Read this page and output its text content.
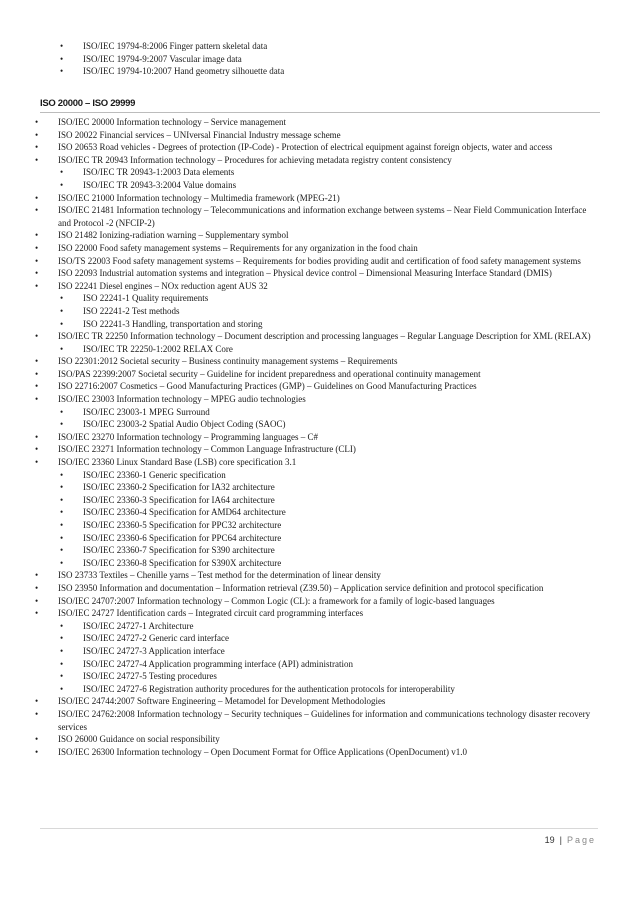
• ISO/IEC 19794-8:2006 Finger pattern skeletal data
• ISO/IEC 19794-9:2007 Vascular image data
• ISO/IEC 19794-10:2007 Hand geometry silhouette data
ISO 20000 – ISO 29999
• ISO/IEC 20000 Information technology – Service management
• ISO 20022 Financial services – UNIversal Financial Industry message scheme
• ISO 20653 Road vehicles - Degrees of protection (IP-Code) - Protection of electrical equipment against foreign objects, water and access
• ISO/IEC TR 20943 Information technology – Procedures for achieving metadata registry content consistency
• ISO/IEC TR 20943-1:2003 Data elements
• ISO/IEC TR 20943-3:2004 Value domains
• ISO/IEC 21000 Information technology – Multimedia framework (MPEG-21)
• ISO/IEC 21481 Information technology – Telecommunications and information exchange between systems – Near Field Communication Interface and Protocol -2 (NFCIP-2)
• ISO 21482 Ionizing-radiation warning – Supplementary symbol
• ISO 22000 Food safety management systems – Requirements for any organization in the food chain
• ISO/TS 22003 Food safety management systems – Requirements for bodies providing audit and certification of food safety management systems
• ISO 22093 Industrial automation systems and integration – Physical device control – Dimensional Measuring Interface Standard (DMIS)
• ISO 22241 Diesel engines – NOx reduction agent AUS 32
• ISO 22241-1 Quality requirements
• ISO 22241-2 Test methods
• ISO 22241-3 Handling, transportation and storing
• ISO/IEC TR 22250 Information technology – Document description and processing languages – Regular Language Description for XML (RELAX)
• ISO/IEC TR 22250-1:2002 RELAX Core
• ISO 22301:2012 Societal security – Business continuity management systems – Requirements
• ISO/PAS 22399:2007 Societal security – Guideline for incident preparedness and operational continuity management
• ISO 22716:2007 Cosmetics – Good Manufacturing Practices (GMP) – Guidelines on Good Manufacturing Practices
• ISO/IEC 23003 Information technology – MPEG audio technologies
• ISO/IEC 23003-1 MPEG Surround
• ISO/IEC 23003-2 Spatial Audio Object Coding (SAOC)
• ISO/IEC 23270 Information technology – Programming languages – C#
• ISO/IEC 23271 Information technology – Common Language Infrastructure (CLI)
• ISO/IEC 23360 Linux Standard Base (LSB) core specification 3.1
• ISO/IEC 23360-1 Generic specification
• ISO/IEC 23360-2 Specification for IA32 architecture
• ISO/IEC 23360-3 Specification for IA64 architecture
• ISO/IEC 23360-4 Specification for AMD64 architecture
• ISO/IEC 23360-5 Specification for PPC32 architecture
• ISO/IEC 23360-6 Specification for PPC64 architecture
• ISO/IEC 23360-7 Specification for S390 architecture
• ISO/IEC 23360-8 Specification for S390X architecture
• ISO 23733 Textiles – Chenille yarns – Test method for the determination of linear density
• ISO 23950 Information and documentation – Information retrieval (Z39.50) – Application service definition and protocol specification
• ISO/IEC 24707:2007 Information technology – Common Logic (CL): a framework for a family of logic-based languages
• ISO/IEC 24727 Identification cards – Integrated circuit card programming interfaces
• ISO/IEC 24727-1 Architecture
• ISO/IEC 24727-2 Generic card interface
• ISO/IEC 24727-3 Application interface
• ISO/IEC 24727-4 Application programming interface (API) administration
• ISO/IEC 24727-5 Testing procedures
• ISO/IEC 24727-6 Registration authority procedures for the authentication protocols for interoperability
• ISO/IEC 24744:2007 Software Engineering – Metamodel for Development Methodologies
• ISO/IEC 24762:2008 Information technology – Security techniques – Guidelines for information and communications technology disaster recovery services
• ISO 26000 Guidance on social responsibility
• ISO/IEC 26300 Information technology – Open Document Format for Office Applications (OpenDocument) v1.0
19 | Page
